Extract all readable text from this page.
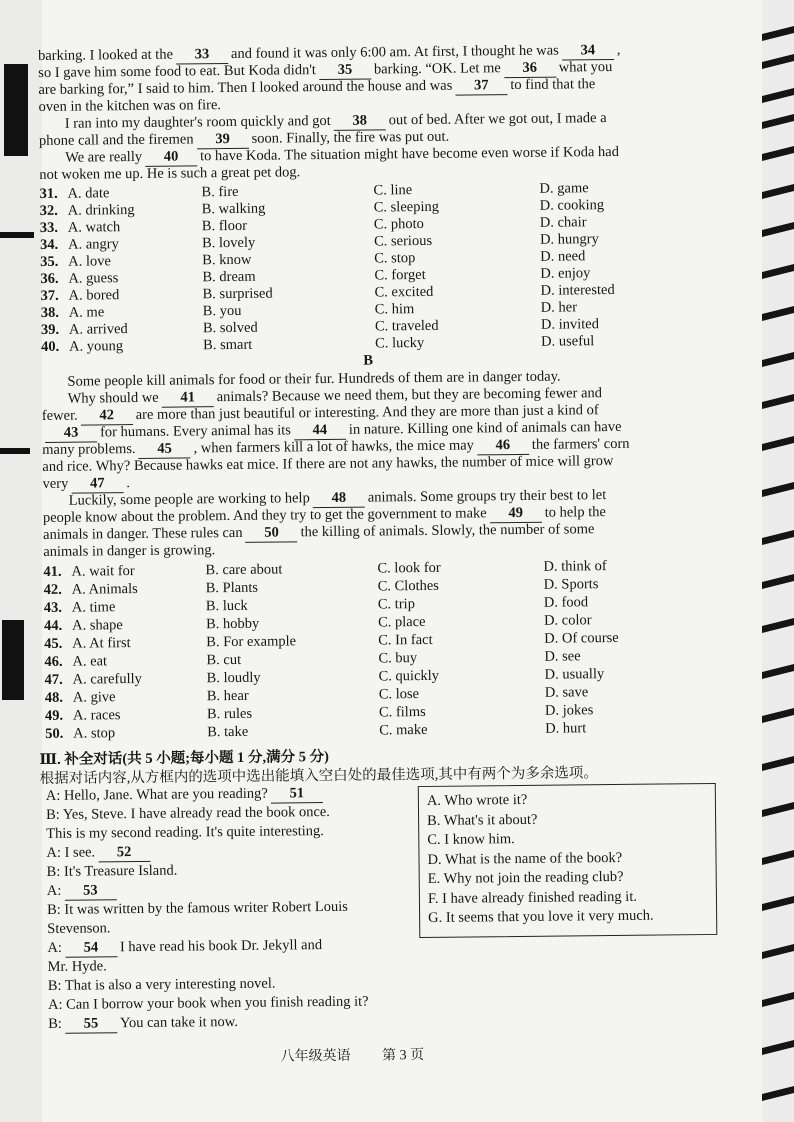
barking. I looked at the 33 and found it was only 6:00 am. At first, I thought he was 34 ,
so I gave him some food to eat. But Koda didn't 35 barking. “OK. Let me 36 what you
are barking for,” I said to him. Then I looked around the house and was 37 to find that the
oven in the kitchen was on fire.
I ran into my daughter's room quickly and got 38 out of bed. After we got out, I made a
phone call and the firemen 39 soon. Finally, the fire was put out.
We are really 40 to have Koda. The situation might have become even worse if Koda had
not woken me up. He is such a great pet dog.
31. A. date	B. fire	C. line	D. game
32. A. drinking	B. walking	C. sleeping	D. cooking
33. A. watch	B. floor	C. photo	D. chair
34. A. angry	B. lovely	C. serious	D. hungry
35. A. love	B. know	C. stop	D. need
36. A. guess	B. dream	C. forget	D. enjoy
37. A. bored	B. surprised	C. excited	D. interested
38. A. me	B. you	C. him	D. her
39. A. arrived	B. solved	C. traveled	D. invited
40. A. young	B. smart	C. lucky	D. useful
B
Some people kill animals for food or their fur. Hundreds of them are in danger today.
Why should we 41 animals? Because we need them, but they are becoming fewer and
fewer. 42 are more than just beautiful or interesting. And they are more than just a kind of
43 for humans. Every animal has its 44 in nature. Killing one kind of animals can have
many problems. 45 , when farmers kill a lot of hawks, the mice may 46 the farmers' corn
and rice. Why? Because hawks eat mice. If there are not any hawks, the number of mice will grow
very 47 .
Luckily, some people are working to help 48 animals. Some groups try their best to let
people know about the problem. And they try to get the government to make 49 to help the
animals in danger. These rules can 50 the killing of animals. Slowly, the number of some
animals in danger is growing.
41. A. wait for	B. care about	C. look for	D. think of
42. A. Animals	B. Plants	C. Clothes	D. Sports
43. A. time	B. luck	C. trip	D. food
44. A. shape	B. hobby	C. place	D. color
45. A. At first	B. For example	C. In fact	D. Of course
46. A. eat	B. cut	C. buy	D. see
47. A. carefully	B. loudly	C. quickly	D. usually
48. A. give	B. hear	C. lose	D. save
49. A. races	B. rules	C. films	D. jokes
50. A. stop	B. take	C. make	D. hurt
Ⅲ. 补全对话(共 5 小题;每小题 1 分,满分 5 分)
根据对话内容,从方框内的选项中选出能填入空白处的最佳选项,其中有两个为多余选项。
A: Hello, Jane. What are you reading? 51
B: Yes, Steve. I have already read the book once.
This is my second reading. It's quite interesting.
A: I see. 52
B: It's Treasure Island.
A: 53
B: It was written by the famous writer Robert Louis
Stevenson.
A: 54 I have read his book Dr. Jekyll and
Mr. Hyde.
B: That is also a very interesting novel.
A: Can I borrow your book when you finish reading it?
B: 55 You can take it now.
A. Who wrote it?
B. What's it about?
C. I know him.
D. What is the name of the book?
E. Why not join the reading club?
F. I have already finished reading it.
G. It seems that you love it very much.
八年级英语 第 3 页
